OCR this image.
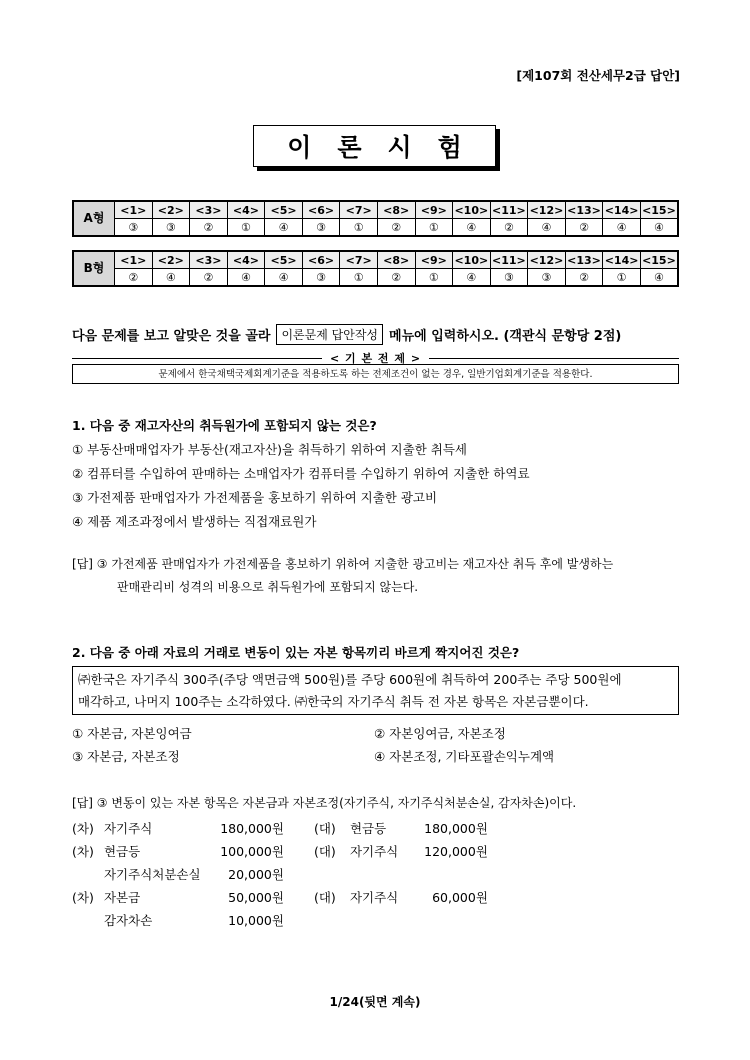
[제107회 전산세무2급 답안]
이론시험
A형	<1>	<2>	<3>	<4>	<5>	<6>	<7>	<8>	<9>	<10>	<11>	<12>	<13>	<14>	<15>
	③	③	②	①	④	③	①	②	①	④	②	④	②	④	④
B형	<1>	<2>	<3>	<4>	<5>	<6>	<7>	<8>	<9>	<10>	<11>	<12>	<13>	<14>	<15>
	②	④	②	④	④	③	①	②	①	④	③	③	②	①	④
다음 문제를 보고 알맞은 것을 골라 이론문제 답안작성 메뉴에 입력하시오. (객관식 문항당 2점)
< 기 본 전 제 >
문제에서 한국채택국제회계기준을 적용하도록 하는 전제조건이 없는 경우, 일반기업회계기준을 적용한다.
1. 다음 중 재고자산의 취득원가에 포함되지 않는 것은?
① 부동산매매업자가 부동산(재고자산)을 취득하기 위하여 지출한 취득세
② 컴퓨터를 수입하여 판매하는 소매업자가 컴퓨터를 수입하기 위하여 지출한 하역료
③ 가전제품 판매업자가 가전제품을 홍보하기 위하여 지출한 광고비
④ 제품 제조과정에서 발생하는 직접재료원가
[답] ③ 가전제품 판매업자가 가전제품을 홍보하기 위하여 지출한 광고비는 재고자산 취득 후에 발생하는
판매관리비 성격의 비용으로 취득원가에 포함되지 않는다.
2. 다음 중 아래 자료의 거래로 변동이 있는 자본 항목끼리 바르게 짝지어진 것은?
㈜한국은 자기주식 300주(주당 액면금액 500원)를 주당 600원에 취득하여 200주는 주당 500원에
매각하고, 나머지 100주는 소각하였다. ㈜한국의 자기주식 취득 전 자본 항목은 자본금뿐이다.
① 자본금, 자본잉여금	② 자본잉여금, 자본조정
③ 자본금, 자본조정	④ 자본조정, 기타포괄손익누계액
[답] ③ 변동이 있는 자본 항목은 자본금과 자본조정(자기주식, 자기주식처분손실, 감자차손)이다.
(차) 자기주식	180,000원 (대) 현금등	180,000원
(차) 현금등	100,000원 (대) 자기주식 120,000원
자기주식처분손실 20,000원
(차) 자본금	50,000원 (대) 자기주식	60,000원
감자차손	10,000원
1/24(뒷면 계속)
